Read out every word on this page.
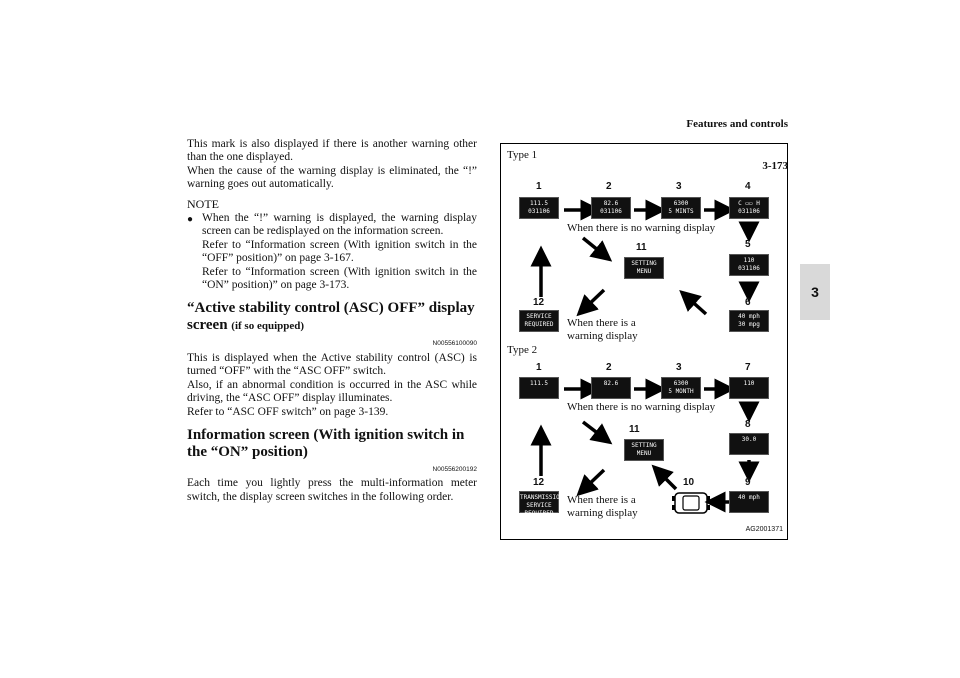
Features and controls
3-173
3

This mark is also displayed if there is another warning other than the one displayed.

When the cause of the warning display is eliminated, the “!” warning goes out automatically.

NOTE
● When the “!” warning is displayed, the warning display screen can be redisplayed on the information screen.

Refer to “Information screen (With ignition switch in the “OFF” position)” on page 3-167.

Refer to “Information screen (With ignition switch in the “ON” position)” on page 3-173.

“Active stability control (ASC) OFF” display screen (if so equipped)
N00556100090

This is displayed when the Active stability control (ASC) is turned “OFF” with the “ASC OFF” switch.

Also, if an abnormal condition is occurred in the ASC while driving, the “ASC OFF” display illuminates.

Refer to “ASC OFF switch” on page 3-139.

Information screen (With ignition switch in the “ON” position)
N00556200192

Each time you lightly press the multi-information meter switch, the display screen switches in the following order.

Type 1
1	2	3	4
5
6
11
12
111.5
031106
82.6
031106
6300
5 MINTS
C ▭▭ H
031106
110
031106
40 mph
30 mpg
SETTING MENU
SERVICE
REQUIRED
When there is no warning display
When there is a
warning display
Type 2
1	2	3	7
8
9
10
11
12
111.5	82.6	6300
5 MONTH
110
30.0
40 mph
SETTING MENU
TRANSMISSION
SERVICE REQUIRED
When there is no warning display
When there is a
warning display
AG2001371
